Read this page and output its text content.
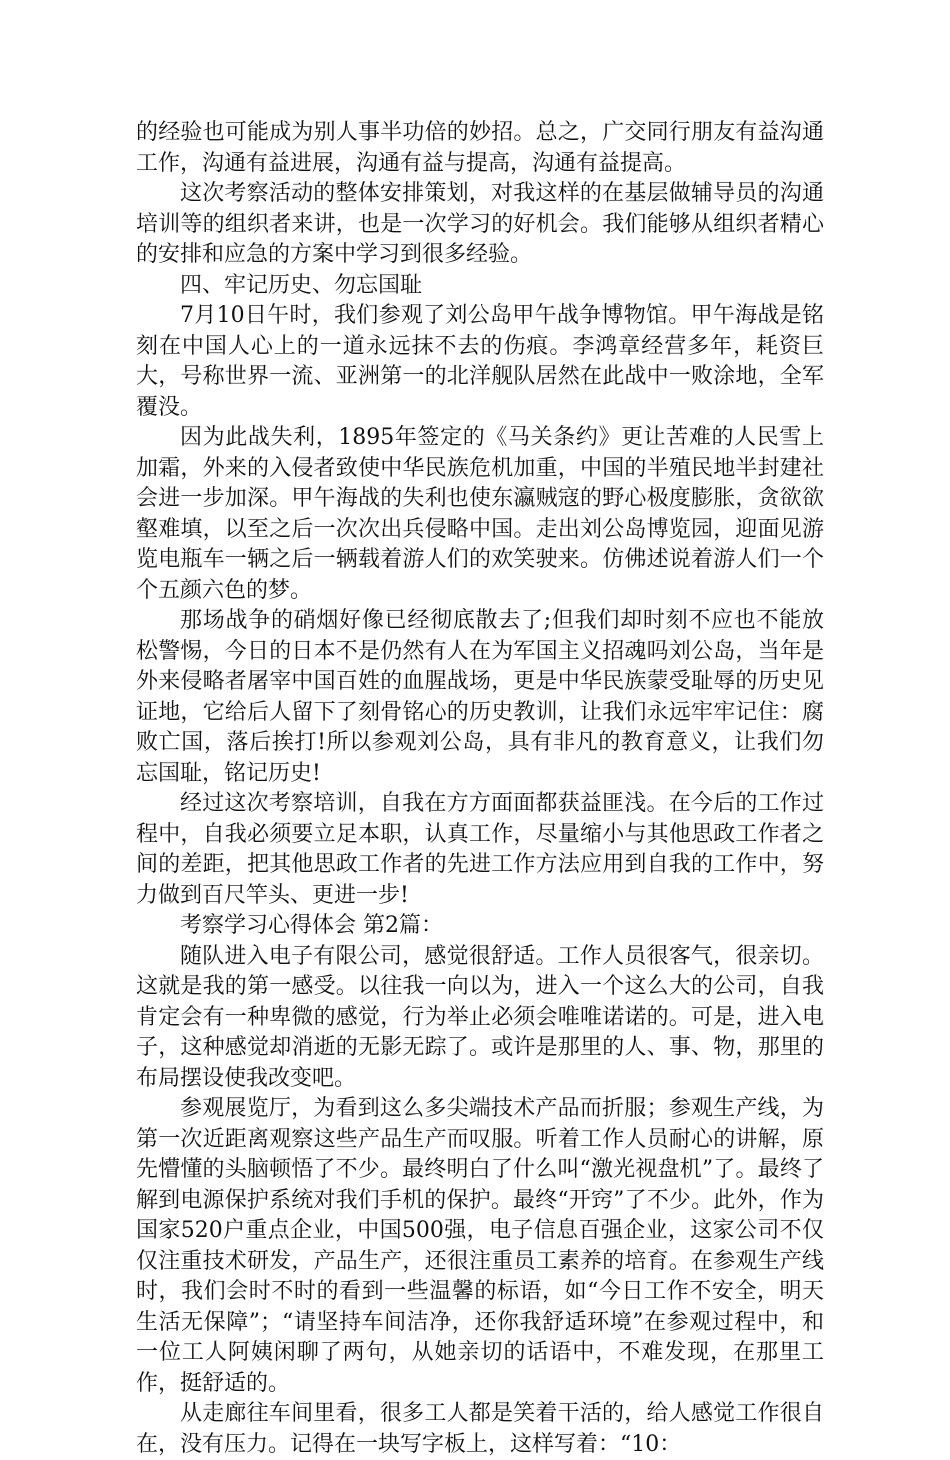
的经验也可能成为别人事半功倍的妙招。总之，广交同行朋友有益沟通工作，沟通有益进展，沟通有益与提高，沟通有益提高。

这次考察活动的整体安排策划，对我这样的在基层做辅导员的沟通培训等的组织者来讲，也是一次学习的好机会。我们能够从组织者精心的安排和应急的方案中学习到很多经验。

四、牢记历史、勿忘国耻

7月10日午时，我们参观了刘公岛甲午战争博物馆。甲午海战是铭刻在中国人心上的一道永远抹不去的伤痕。李鸿章经营多年，耗资巨大，号称世界一流、亚洲第一的北洋舰队居然在此战中一败涂地，全军覆没。

因为此战失利，1895年签定的《马关条约》更让苦难的人民雪上加霜，外来的入侵者致使中华民族危机加重，中国的半殖民地半封建社会进一步加深。甲午海战的失利也使东瀛贼寇的野心极度膨胀，贪欲欲壑难填，以至之后一次次出兵侵略中国。走出刘公岛博览园，迎面见游览电瓶车一辆之后一辆载着游人们的欢笑驶来。仿佛述说着游人们一个个五颜六色的梦。

那场战争的硝烟好像已经彻底散去了;但我们却时刻不应也不能放松警惕，今日的日本不是仍然有人在为军国主义招魂吗刘公岛，当年是外来侵略者屠宰中国百姓的血腥战场，更是中华民族蒙受耻辱的历史见证地，它给后人留下了刻骨铭心的历史教训，让我们永远牢牢记住：腐败亡国，落后挨打!所以参观刘公岛，具有非凡的教育意义，让我们勿忘国耻，铭记历史!

经过这次考察培训，自我在方方面面都获益匪浅。在今后的工作过程中，自我必须要立足本职，认真工作，尽量缩小与其他思政工作者之间的差距，把其他思政工作者的先进工作方法应用到自我的工作中，努力做到百尺竿头、更进一步!

考察学习心得体会 第2篇：

随队进入电子有限公司，感觉很舒适。工作人员很客气，很亲切。这就是我的第一感受。以往我一向以为，进入一个这么大的公司，自我肯定会有一种卑微的感觉，行为举止必须会唯唯诺诺的。可是，进入电子，这种感觉却消逝的无影无踪了。或许是那里的人、事、物，那里的布局摆设使我改变吧。

参观展览厅，为看到这么多尖端技术产品而折服；参观生产线，为第一次近距离观察这些产品生产而叹服。听着工作人员耐心的讲解，原先懵懂的头脑顿悟了不少。最终明白了什么叫“激光视盘机”了。最终了解到电源保护系统对我们手机的保护。最终“开窍”了不少。此外，作为国家520户重点企业，中国500强，电子信息百强企业，这家公司不仅仅注重技术研发，产品生产，还很注重员工素养的培育。在参观生产线时，我们会时不时的看到一些温馨的标语，如“今日工作不安全，明天生活无保障”；“请坚持车间洁净，还你我舒适环境”在参观过程中，和一位工人阿姨闲聊了两句，从她亲切的话语中，不难发现，在那里工作，挺舒适的。

从走廊往车间里看，很多工人都是笑着干活的，给人感觉工作很自在，没有压力。记得在一块写字板上，这样写着：“10：
